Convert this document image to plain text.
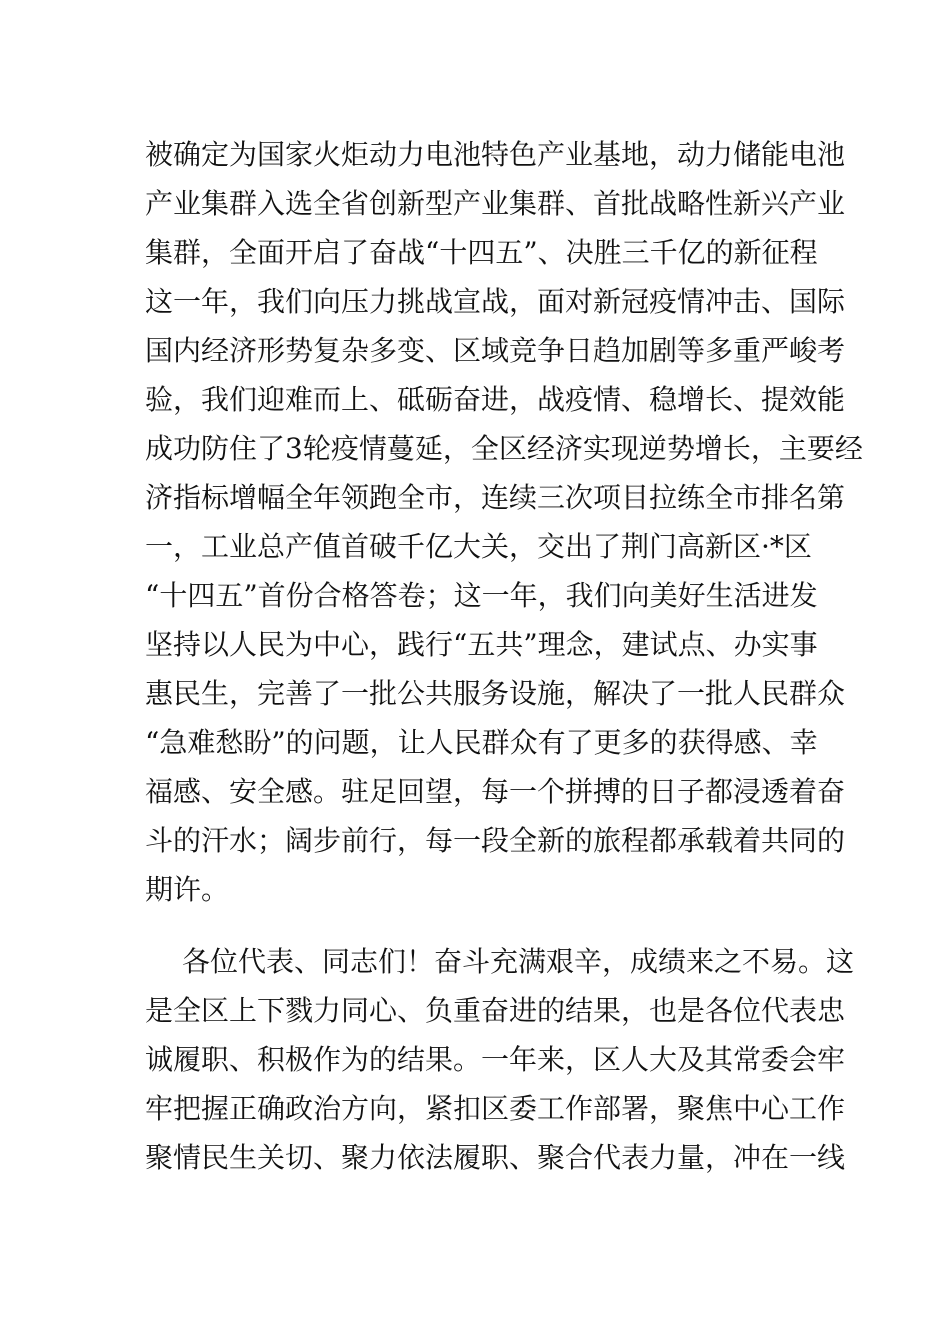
被确定为国家火炬动力电池特色产业基地，动力储能电池
产业集群入选全省创新型产业集群、首批战略性新兴产业
集群，全面开启了奋战“十四五”、决胜三千亿的新征程
这一年，我们向压力挑战宣战，面对新冠疫情冲击、国际
国内经济形势复杂多变、区域竞争日趋加剧等多重严峻考
验，我们迎难而上、砥砺奋进，战疫情、稳增长、提效能
成功防住了3轮疫情蔓延，全区经济实现逆势增长，主要经
济指标增幅全年领跑全市，连续三次项目拉练全市排名第
一，工业总产值首破千亿大关，交出了荆门高新区·*区
“十四五”首份合格答卷；这一年，我们向美好生活进发
坚持以人民为中心，践行“五共”理念，建试点、办实事
惠民生，完善了一批公共服务设施，解决了一批人民群众
“急难愁盼”的问题，让人民群众有了更多的获得感、幸
福感、安全感。驻足回望，每一个拼搏的日子都浸透着奋
斗的汗水；阔步前行，每一段全新的旅程都承载着共同的
期许。
各位代表、同志们！奋斗充满艰辛，成绩来之不易。这
是全区上下戮力同心、负重奋进的结果，也是各位代表忠
诚履职、积极作为的结果。一年来，区人大及其常委会牢
牢把握正确政治方向，紧扣区委工作部署，聚焦中心工作
聚情民生关切、聚力依法履职、聚合代表力量，冲在一线
